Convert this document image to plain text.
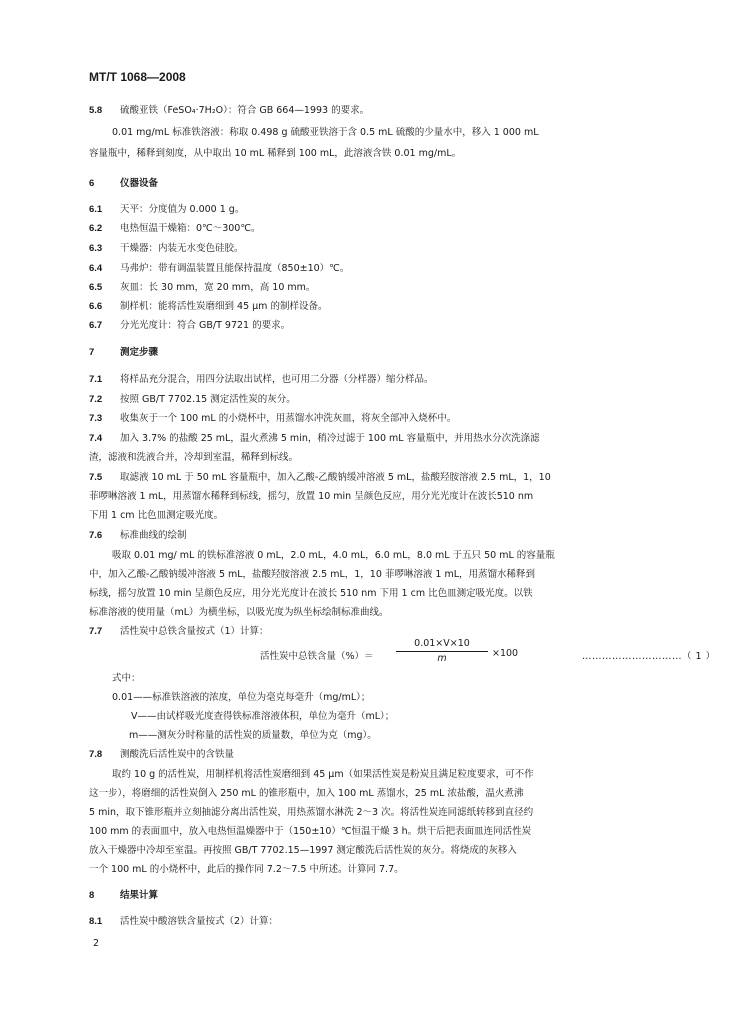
MT/T 1068—2008
5.8 硫酸亚铁（FeSO₄·7H₂O）：符合 GB 664—1993 的要求。
0.01 mg/mL 标准铁溶液：称取 0.498 g 硫酸亚铁溶于含 0.5 mL 硫酸的少量水中，移入 1 000 mL
容量瓶中，稀释到刻度，从中取出 10 mL 稀释到 100 mL，此溶液含铁 0.01 mg/mL。
6	仪器设备
6.1 天平：分度值为 0.000 1 g。
6.2 电热恒温干燥箱：0℃～300℃。
6.3 干燥器：内装无水变色硅胶。
6.4 马弗炉：带有调温装置且能保持温度（850±10）℃。
6.5 灰皿：长 30 mm，宽 20 mm，高 10 mm。
6.6 制样机：能将活性炭磨细到 45 μm 的制样设备。
6.7 分光光度计：符合 GB/T 9721 的要求。
7	测定步骤
7.1 将样品充分混合，用四分法取出试样，也可用二分器（分样器）缩分样品。
7.2 按照 GB/T 7702.15 测定活性炭的灰分。
7.3 收集灰于一个 100 mL 的小烧杯中，用蒸馏水冲洗灰皿，将灰全部冲入烧杯中。
7.4 加入 3.7% 的盐酸 25 mL，温火煮沸 5 min，稍冷过滤于 100 mL 容量瓶中，并用热水分次洗涤滤
渣，滤液和洗液合并，冷却到室温，稀释到标线。
7.5 取滤液 10 mL 于 50 mL 容量瓶中，加入乙酸-乙酸钠缓冲溶液 5 mL，盐酸羟胺溶液 2.5 mL，1，10
菲啰啉溶液 1 mL，用蒸馏水稀释到标线，摇匀，放置 10 min 呈颜色反应，用分光光度计在波长510 nm
下用 1 cm 比色皿测定吸光度。
7.6 标准曲线的绘制
吸取 0.01 mg/ mL 的铁标准溶液 0 mL，2.0 mL，4.0 mL，6.0 mL，8.0 mL 于五只 50 mL 的容量瓶
中，加入乙酸-乙酸钠缓冲溶液 5 mL，盐酸羟胺溶液 2.5 mL，1，10 菲啰啉溶液 1 mL，用蒸馏水稀释到
标线，摇匀放置 10 min 呈颜色反应，用分光光度计在波长 510 nm 下用 1 cm 比色皿测定吸光度。以铁
标准溶液的使用量（mL）为横坐标，以吸光度为纵坐标绘制标准曲线。
7.7 活性炭中总铁含量按式（1）计算：
活性炭中总铁含量（%）＝ $\frac{0.01\times V\times 10}{m} \times 100$	…………………………（ 1 ）
式中：
0.01——标准铁溶液的浓度，单位为毫克每毫升（mg/mL）；
V——由试样吸光度查得铁标准溶液体积，单位为毫升（mL）；
m——测灰分时称量的活性炭的质量数，单位为克（mg）。
7.8 测酸洗后活性炭中的含铁量
取约 10 g 的活性炭，用制样机将活性炭磨细到 45 μm（如果活性炭是粉炭且满足粒度要求，可不作
这一步），将磨细的活性炭倒入 250 mL 的锥形瓶中，加入 100 mL 蒸馏水，25 mL 浓盐酸，温火煮沸
5 min，取下锥形瓶并立刻抽滤分离出活性炭，用热蒸馏水淋洗 2～3 次。将活性炭连同滤纸转移到直径约
100 mm 的表面皿中，放入电热恒温燥器中于（150±10）℃恒温干燥 3 h。烘干后把表面皿连同活性炭
放入干燥器中冷却至室温。再按照 GB/T 7702.15—1997 测定酸洗后活性炭的灰分。将烧成的灰移入
一个 100 mL 的小烧杯中，此后的操作同 7.2～7.5 中所述。计算同 7.7。
8	结果计算
8.1 活性炭中酸溶铁含量按式（2）计算：
2
